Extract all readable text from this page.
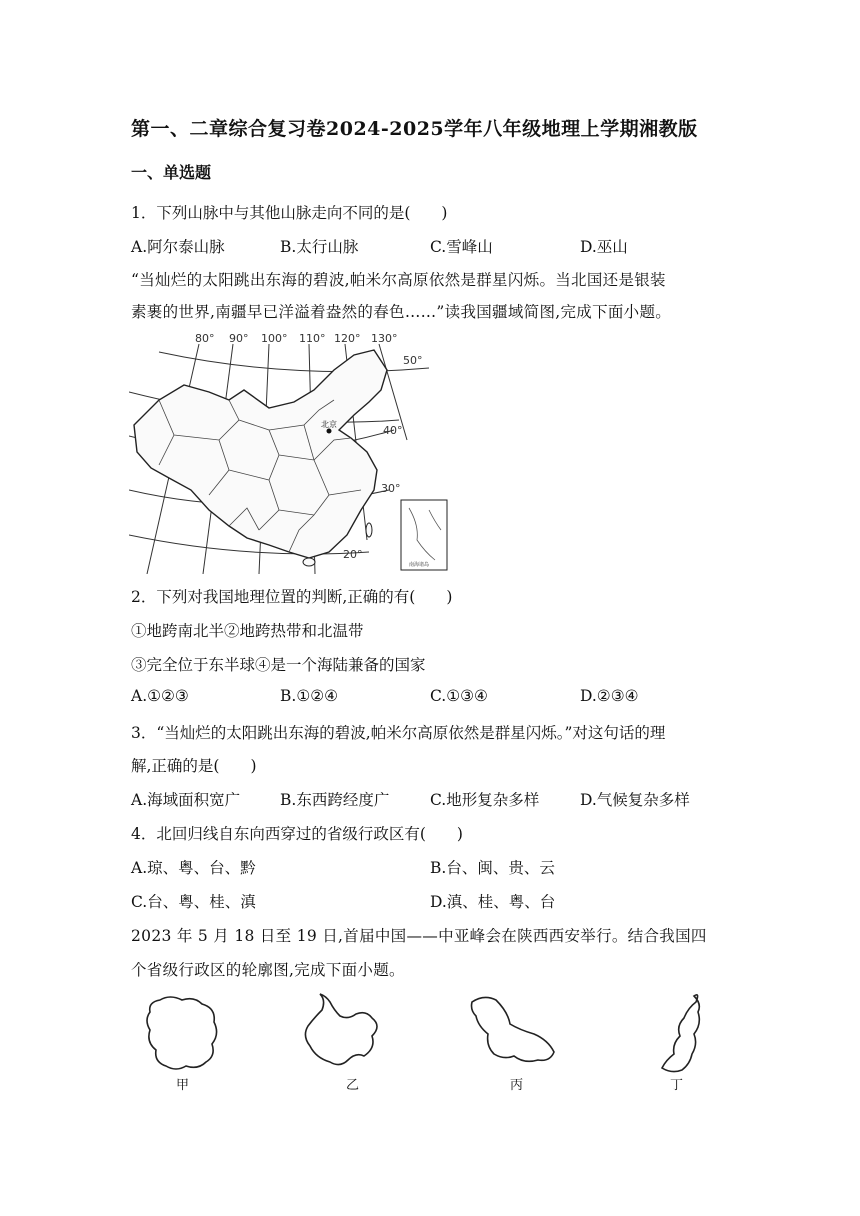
第一、二章综合复习卷2024-2025学年八年级地理上学期湘教版
一、单选题
1．下列山脉中与其他山脉走向不同的是(　　)
A.阿尔泰山脉	B.太行山脉	C.雪峰山	D.巫山
“当灿烂的太阳跳出东海的碧波,帕米尔高原依然是群星闪烁。当北国还是银装
素裹的世界,南疆早已洋溢着盎然的春色……”读我国疆域简图,完成下面小题。
北京
80° 90° 100° 110° 120° 130°
50°
40°
30°
20°
南海诸岛
2．下列对我国地理位置的判断,正确的有(　　)
①地跨南北半②地跨热带和北温带
③完全位于东半球④是一个海陆兼备的国家
A.①②③	B.①②④	C.①③④	D.②③④
3．“当灿烂的太阳跳出东海的碧波,帕米尔高原依然是群星闪烁。”对这句话的理
解,正确的是(　　)
A.海域面积宽广	B.东西跨经度广	C.地形复杂多样	D.气候复杂多样
4．北回归线自东向西穿过的省级行政区有(　　)
A.琼、粤、台、黔	B.台、闽、贵、云
C.台、粤、桂、滇	D.滇、桂、粤、台
2023 年 5 月 18 日至 19 日,首届中国——中亚峰会在陕西西安举行。结合我国四
个省级行政区的轮廓图,完成下面小题。
甲	乙	丙	丁
